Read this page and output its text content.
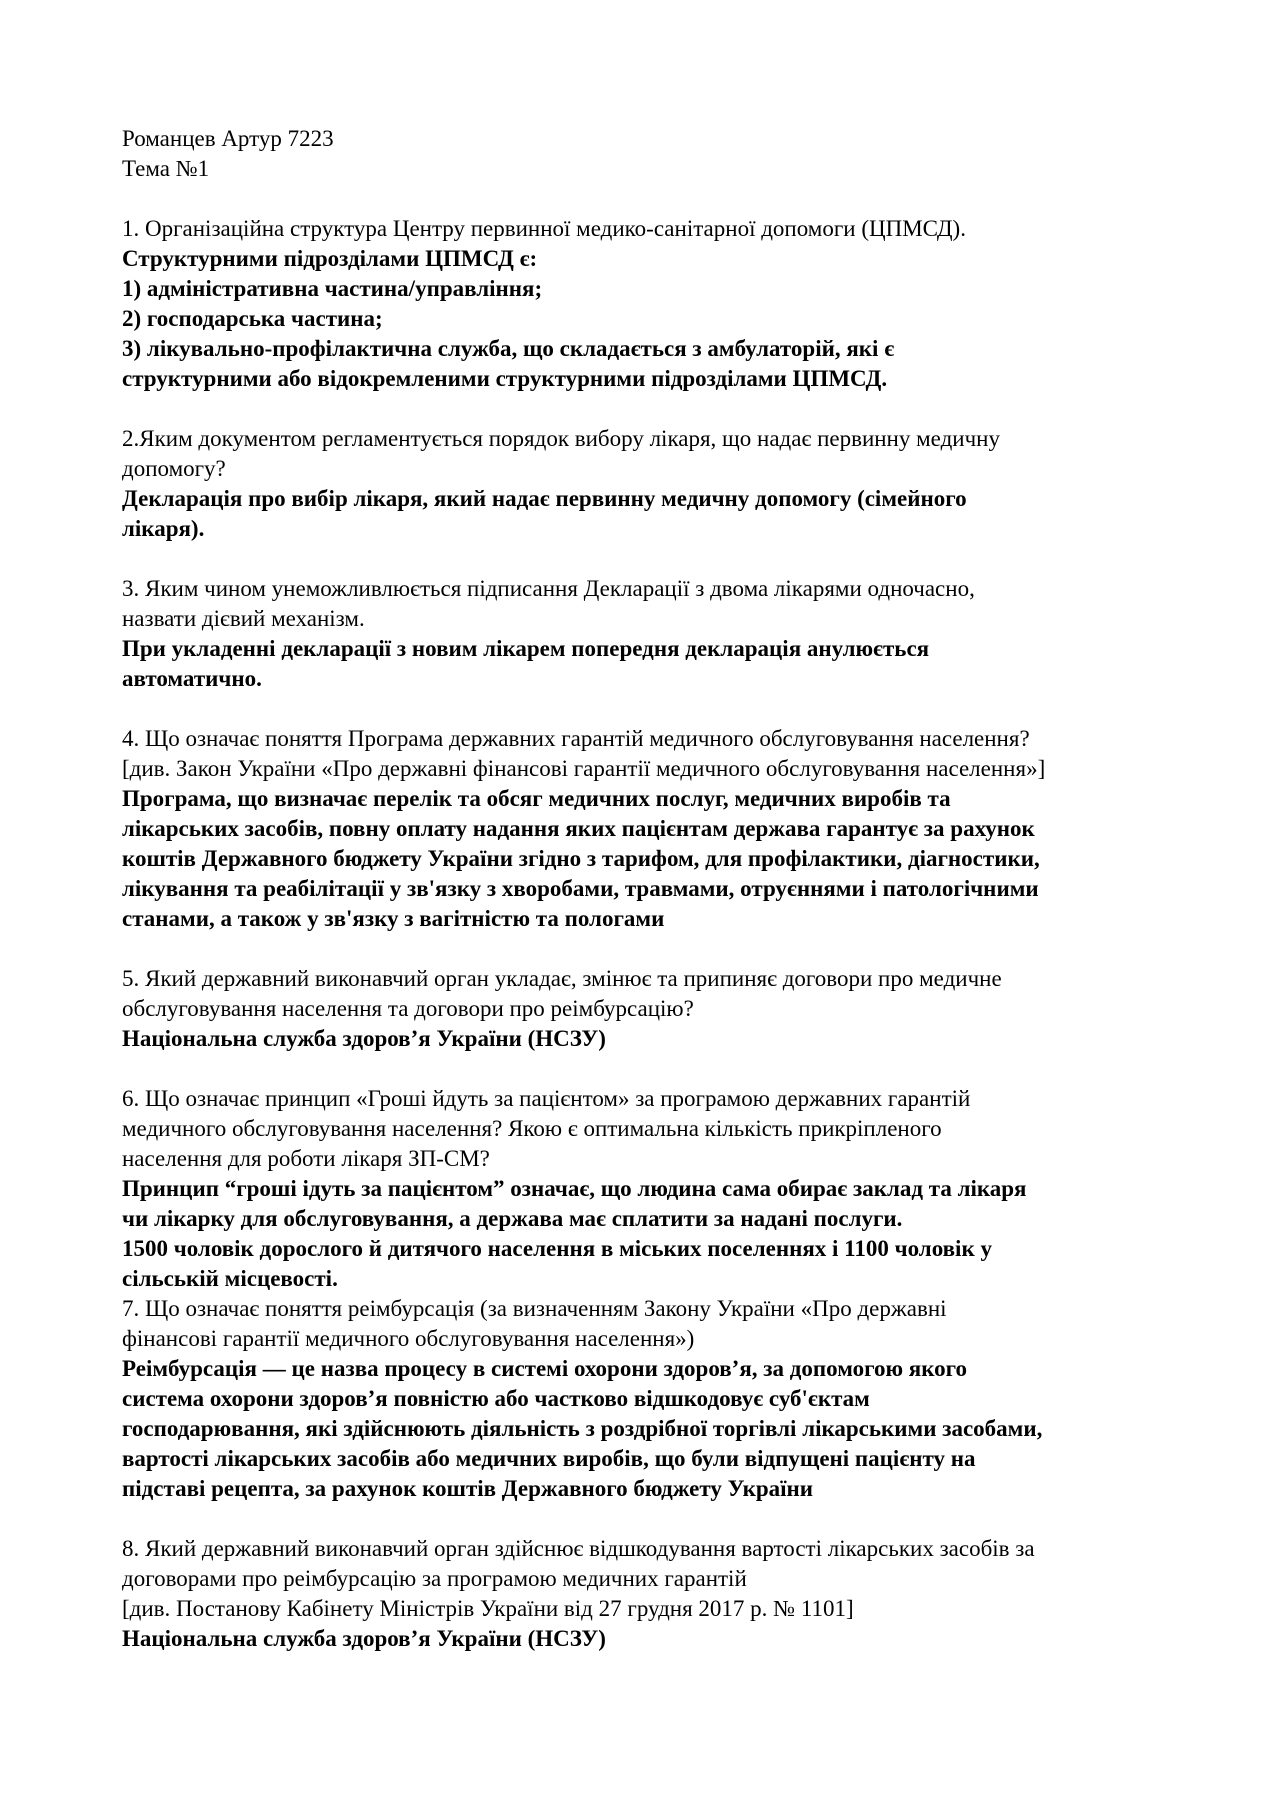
Романцев Артур 7223
Тема №1
1. Організаційна структура Центру первинної медико-санітарної допомоги (ЦПМСД).
Структурними підрозділами ЦПМСД є:
1) адміністративна частина/управління;
2) господарська частина;
3) лікувально-профілактична служба, що складається з амбулаторій, які є
структурними або відокремленими структурними підрозділами ЦПМСД.
2.Яким документом регламентується порядок вибору лікаря, що надає первинну медичну
допомогу?
Декларація про вибір лікаря, який надає первинну медичну допомогу (сімейного
лікаря).
3. Яким чином унеможливлюється підписання Декларації з двома лікарями одночасно,
назвати дієвий механізм.
При укладенні декларації з новим лікарем попередня декларація анулюється
автоматично.
4. Що означає поняття Програма державних гарантій медичного обслуговування населення?
[див. Закон України «Про державні фінансові гарантії медичного обслуговування населення»]
Програма, що визначає перелік та обсяг медичних послуг, медичних виробів та
лікарських засобів, повну оплату надання яких пацієнтам держава гарантує за рахунок
коштів Державного бюджету України згідно з тарифом, для профілактики, діагностики,
лікування та реабілітації у зв'язку з хворобами, травмами, отруєннями і патологічними
станами, а також у зв'язку з вагітністю та пологами
5. Який державний виконавчий орган укладає, змінює та припиняє договори про медичне
обслуговування населення та договори про реімбурсацію?
Національна служба здоров’я України (НСЗУ)
6. Що означає принцип «Гроші йдуть за пацієнтом» за програмою державних гарантій
медичного обслуговування населення? Якою є оптимальна кількість прикріпленого
населення для роботи лікаря ЗП-СМ?
Принцип “гроші ідуть за пацієнтом” означає, що людина сама обирає заклад та лікаря
чи лікарку для обслуговування, а держава має сплатити за надані послуги.
1500 чоловік дорослого й дитячого населення в міських поселеннях і 1100 чоловік у
сільській місцевості.
7. Що означає поняття реімбурсація (за визначенням Закону України «Про державні
фінансові гарантії медичного обслуговування населення»)
Реімбурсація — це назва процесу в системі охорони здоров’я, за допомогою якого
система охорони здоров’я повністю або частково відшкодовує суб'єктам
господарювання, які здійснюють діяльність з роздрібної торгівлі лікарськими засобами,
вартості лікарських засобів або медичних виробів, що були відпущені пацієнту на
підставі рецепта, за рахунок коштів Державного бюджету України
8. Який державний виконавчий орган здійснює відшкодування вартості лікарських засобів за
договорами про реімбурсацію за програмою медичних гарантій
[див. Постанову Кабінету Міністрів України від 27 грудня 2017 р. № 1101]
Національна служба здоров’я України (НСЗУ)
